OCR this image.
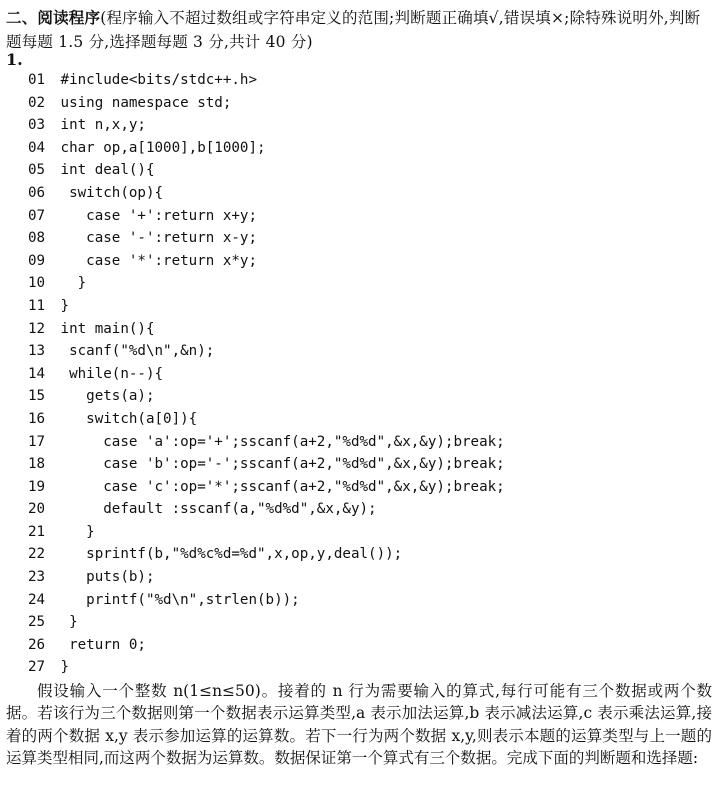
二、阅读程序(程序输入不超过数组或字符串定义的范围;判断题正确填√,错误填×;除特殊说明外,判断题每题 1.5 分,选择题每题 3 分,共计 40 分)
1.
01 #include<bits/stdc++.h>
02 using namespace std;
03 int n,x,y;
04 char op,a[1000],b[1000];
05 int deal(){
06  switch(op){
07    case '+':return x+y;
08    case '-':return x-y;
09    case '*':return x*y;
10   }
11 }
12 int main(){
13  scanf("%d\n",&n);
14  while(n--){
15    gets(a);
16    switch(a[0]){
17      case 'a':op='+';sscanf(a+2,"%d%d",&x,&y);break;
18      case 'b':op='-';sscanf(a+2,"%d%d",&x,&y);break;
19      case 'c':op='*';sscanf(a+2,"%d%d",&x,&y);break;
20      default :sscanf(a,"%d%d",&x,&y);
21    }
22    sprintf(b,"%d%c%d=%d",x,op,y,deal());
23    puts(b);
24    printf("%d\n",strlen(b));
25  }
26  return 0;
27 }
假设输入一个整数 n(1≤n≤50)。接着的 n 行为需要输入的算式,每行可能有三个数据或两个数据。若该行为三个数据则第一个数据表示运算类型,a 表示加法运算,b 表示减法运算,c 表示乘法运算,接着的两个数据 x,y 表示参加运算的运算数。若下一行为两个数据 x,y,则表示本题的运算类型与上一题的运算类型相同,而这两个数据为运算数。数据保证第一个算式有三个数据。完成下面的判断题和选择题:
